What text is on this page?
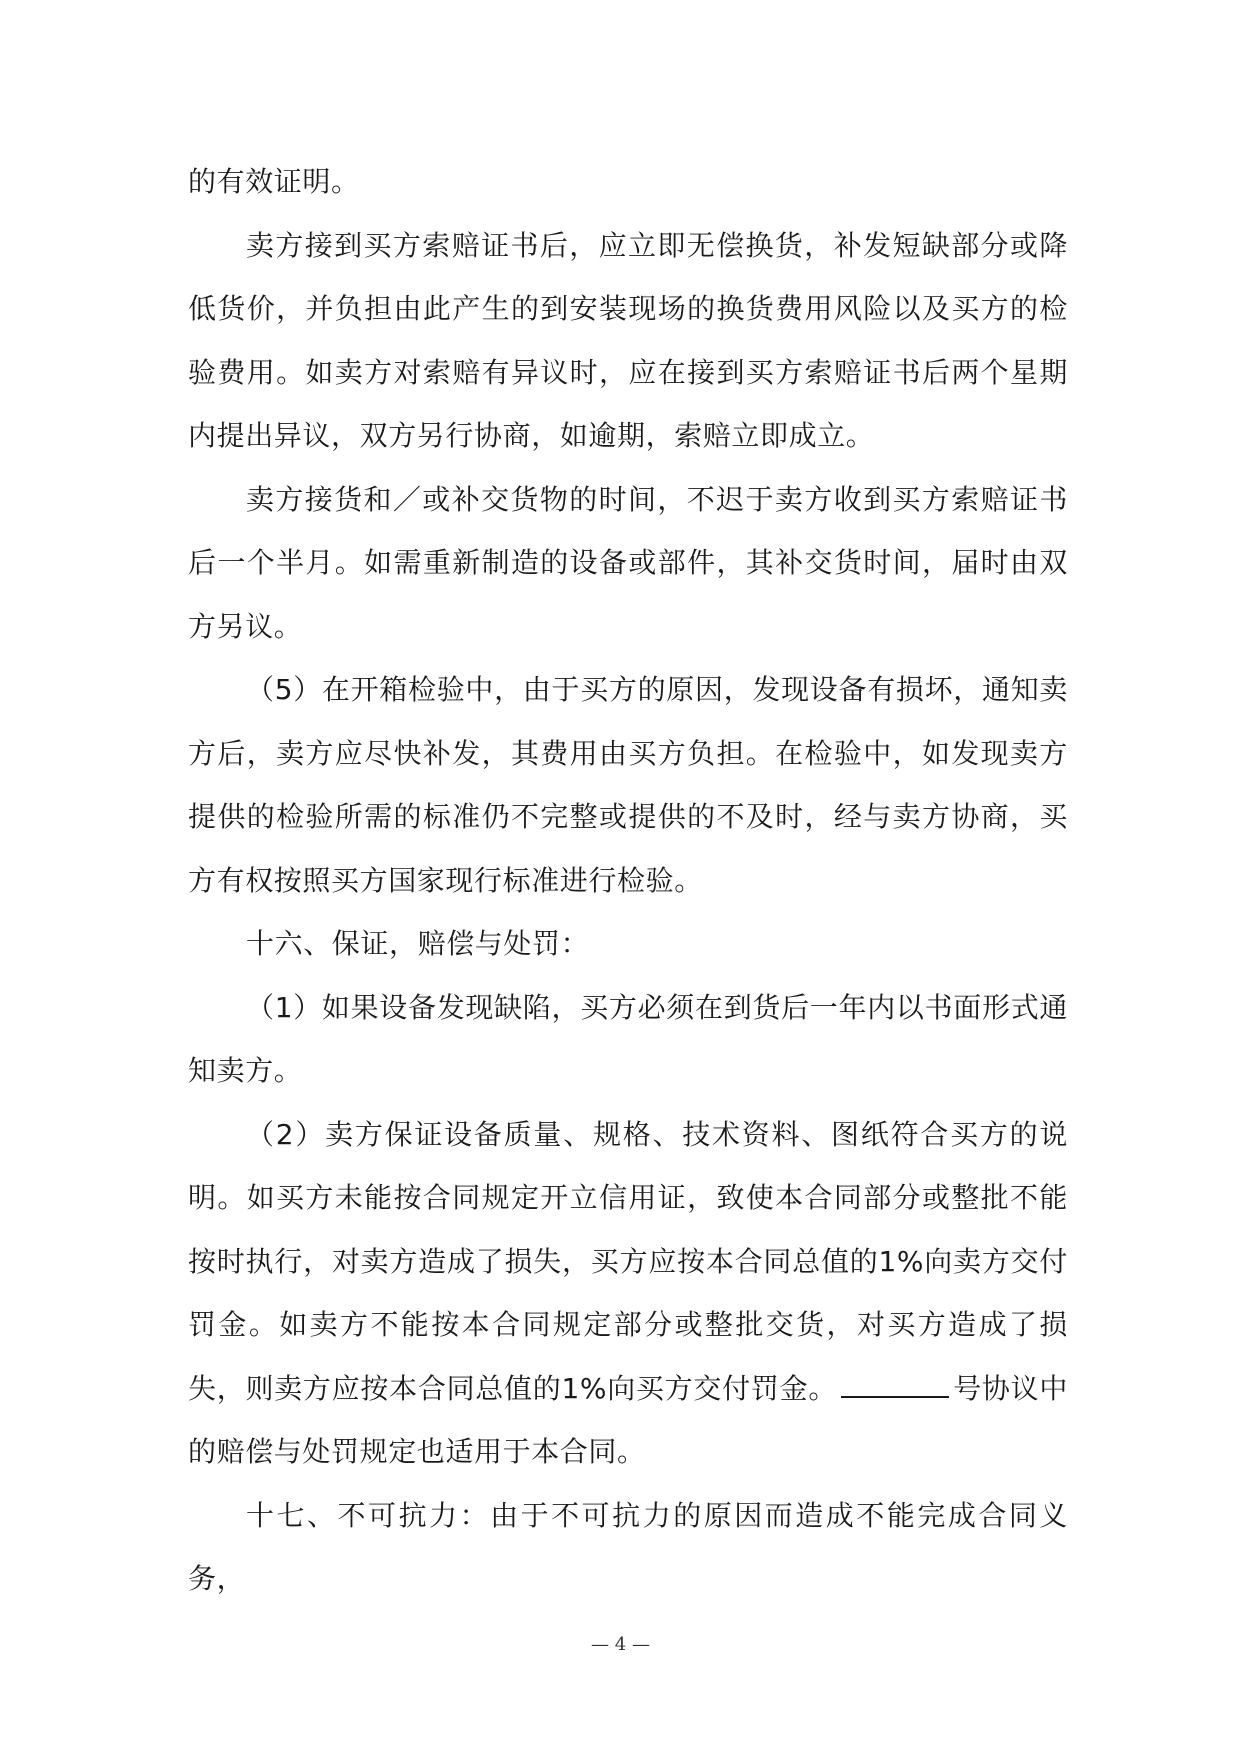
的有效证明。

卖方接到买方索赔证书后，应立即无偿换货，补发短缺部分或降低货价，并负担由此产生的到安装现场的换货费用风险以及买方的检验费用。如卖方对索赔有异议时，应在接到买方索赔证书后两个星期内提出异议，双方另行协商，如逾期，索赔立即成立。

卖方接货和／或补交货物的时间，不迟于卖方收到买方索赔证书后一个半月。如需重新制造的设备或部件，其补交货时间，届时由双方另议。

（5）在开箱检验中，由于买方的原因，发现设备有损坏，通知卖方后，卖方应尽快补发，其费用由买方负担。在检验中，如发现卖方提供的检验所需的标准仍不完整或提供的不及时，经与卖方协商，买方有权按照买方国家现行标准进行检验。

十六、保证，赔偿与处罚：

（1）如果设备发现缺陷，买方必须在到货后一年内以书面形式通知卖方。

（2）卖方保证设备质量、规格、技术资料、图纸符合买方的说明。如买方未能按合同规定开立信用证，致使本合同部分或整批不能按时执行，对卖方造成了损失，买方应按本合同总值的1%向卖方交付罚金。如卖方不能按本合同规定部分或整批交货，对买方造成了损失，则卖方应按本合同总值的1%向买方交付罚金。	号协议中的赔偿与处罚规定也适用于本合同。

十七、不可抗力：由于不可抗力的原因而造成不能完成合同义务，

— 4 —
